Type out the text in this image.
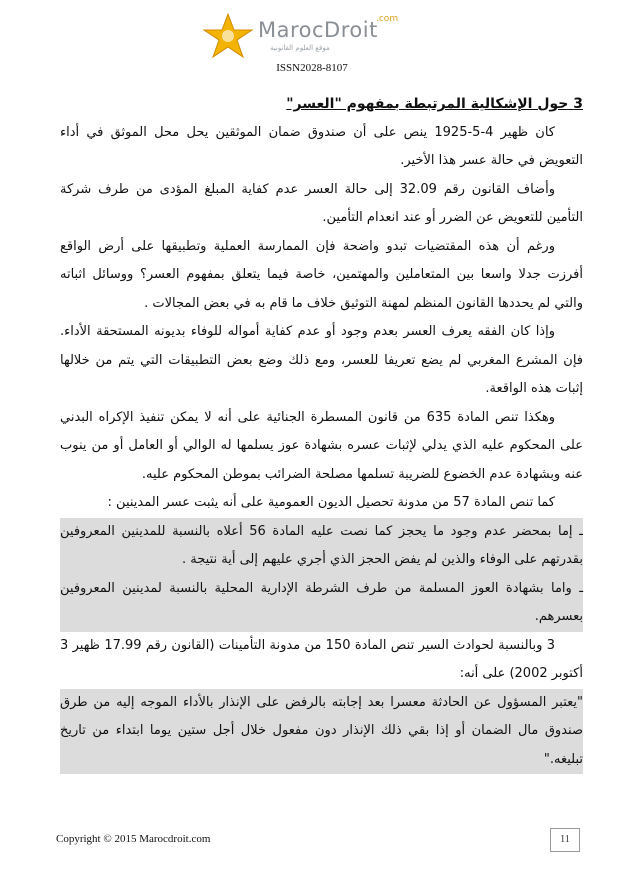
MarocDroit
.com
موقع العلوم القانونية
ISSN2028-8107

3 حول الإشكالية المرتبطة بمفهوم "العسر"

كان ظهير 4-5-1925 ينص على أن صندوق ضمان الموثقين يحل محل الموثق في أداء التعويض في حالة عسر هذا الأخير.

وأضاف القانون رقم 32.09 إلى حالة العسر عدم كفاية المبلغ المؤدى من طرف شركة التأمين للتعويض عن الضرر أو عند انعدام التأمين.

ورغم أن هذه المقتضيات تبدو واضحة فإن الممارسة العملية وتطبيقها على أرض الواقع أفرزت جدلا واسعا بين المتعاملين والمهتمين، خاصة فيما يتعلق بمفهوم العسر؟ ووسائل اثباته والتي لم يحددها القانون المنظم لمهنة التوثيق خلاف ما قام به في بعض المجالات .

وإذا كان الفقه يعرف العسر بعدم وجود أو عدم كفاية أمواله للوفاء بديونه المستحقة الأداء. فإن المشرع المغربي لم يضع تعريفا للعسر، ومع ذلك وضع بعض التطبيقات التي يتم من خلالها إثبات هذه الواقعة.

وهكذا تنص المادة 635 من قانون المسطرة الجنائية على أنه لا يمكن تنفيذ الإكراه البدني على المحكوم عليه الذي يدلي لإثبات عسره بشهادة عوز يسلمها له الوالي أو العامل أو من ينوب عنه وبشهادة عدم الخضوع للضريبة تسلمها مصلحة الضرائب بموطن المحكوم عليه.

كما تنص المادة 57 من مدونة تحصيل الديون العمومية على أنه يثبت عسر المدينين :

ـ إما بمحضر عدم وجود ما يحجز كما نصت عليه المادة 56 أعلاه بالنسبة للمدينين المعروفين بقدرتهم على الوفاء والذين لم يفض الحجز الذي أجري عليهم إلى أية نتيجة .

ـ واما بشهادة العوز المسلمة من طرف الشرطة الإدارية المحلية بالنسبة لمدينين المعروفين بعسرهم.

3 وبالنسبة لحوادث السير تنص المادة 150 من مدونة التأمينات (القانون رقم 17.99 ظهير 3 أكتوبر 2002) على أنه:

"يعتبر المسؤول عن الحادثة معسرا بعد إجابته بالرفض على الإنذار بالأداء الموجه إليه من طرق صندوق مال الضمان أو إذا بقي ذلك الإنذار دون مفعول خلال أجل ستين يوما ابتداء من تاريخ تبليغه."

Copyright © 2015 Marocdroit.com	11
